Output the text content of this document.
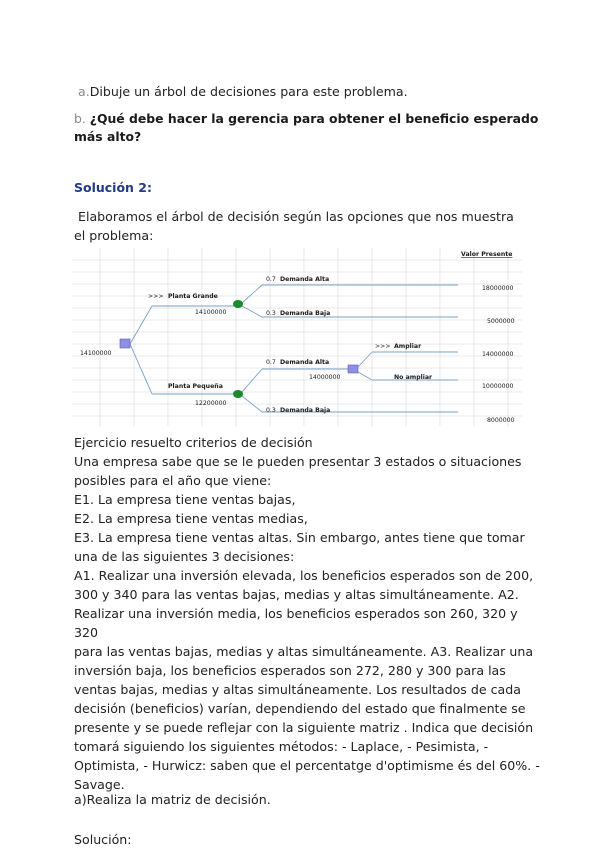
a.Dibuje un árbol de decisiones para este problema.
b. ¿Qué debe hacer la gerencia para obtener el beneficio esperado
más alto?
Solución 2:
Elaboramos el árbol de decisión según las opciones que nos muestra
el problema:
Valor Presente
14100000
>>> Planta Grande
14100000
0.7 Demanda Alta
18000000
0.3 Demanda Baja
5000000
Planta Pequeña
12200000
0.7 Demanda Alta
14000000
>>> Ampliar
14000000
No ampliar
10000000
0.3 Demanda Baja
8000000
Ejercicio resuelto criterios de decisión
Una empresa sabe que se le pueden presentar 3 estados o situaciones
posibles para el año que viene:
E1. La empresa tiene ventas bajas,
E2. La empresa tiene ventas medias,
E3. La empresa tiene ventas altas. Sin embargo, antes tiene que tomar
una de las siguientes 3 decisiones:
A1. Realizar una inversión elevada, los beneficios esperados son de 200,
300 y 340 para las ventas bajas, medias y altas simultáneamente. A2.
Realizar una inversión media, los beneficios esperados son 260, 320 y 320
para las ventas bajas, medias y altas simultáneamente. A3. Realizar una
inversión baja, los beneficios esperados son 272, 280 y 300 para las
ventas bajas, medias y altas simultáneamente. Los resultados de cada
decisión (beneficios) varían, dependiendo del estado que finalmente se
presente y se puede reflejar con la siguiente matriz . Indica que decisión
tomará siguiendo los siguientes métodos: - Laplace, - Pesimista, -
Optimista, - Hurwicz: saben que el percentatge d'optimisme és del 60%. -
Savage.
a)Realiza la matriz de decisión.
Solución:
